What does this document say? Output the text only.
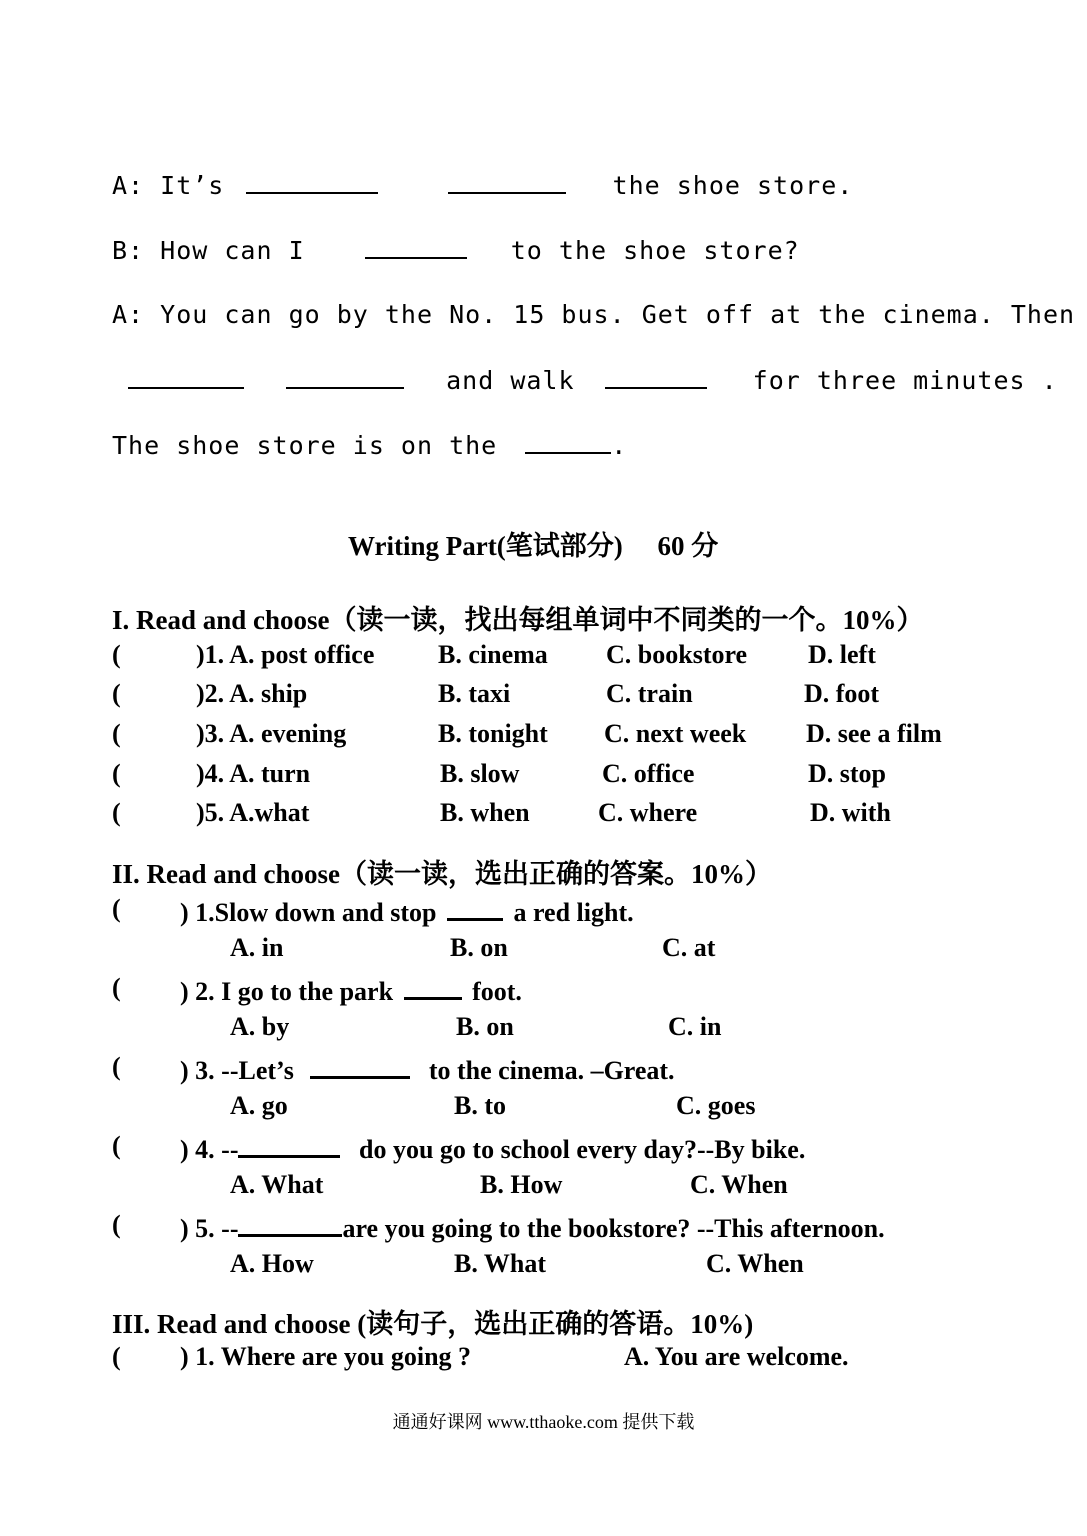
A: It’s	the shoe store.
B: How can I	to the shoe store?
A: You can go by the No. 15 bus. Get off at the cinema. Then
and walk	for three minutes .
The shoe store is on the	.
Writing Part(笔试部分) 60 分
I. Read and choose（读一读，找出每组单词中不同类的一个。10%）
(	)1. A. post office B. cinema C. bookstore D. left
(	)2. A. ship	B. taxi	C. train	D. foot
(	)3. A. evening	B. tonight C. next week D. see a film
(	)4. A. turn	B. slow	C. office	D. stop
(	)5. A.what	B. when	C. where	D. with
II. Read and choose（读一读，选出正确的答案。10%）
( ) 1.Slow down and stop	a red light.
A. in	B. on	C. at
( ) 2. I go to the park	foot.
A. by	B. on	C. in
( ) 3. --Let’s	to the cinema. –Great.
A. go	B. to	C. goes
( ) 4. --	do you go to school every day?--By bike.
A. What	B. How	C. When
( ) 5. --	are you going to the bookstore? --This afternoon.
A. How	B. What	C. When
III. Read and choose (读句子，选出正确的答语。10%)
( ) 1. Where are you going ?	A. You are welcome.
通通好课网 www.tthaoke.com 提供下载
